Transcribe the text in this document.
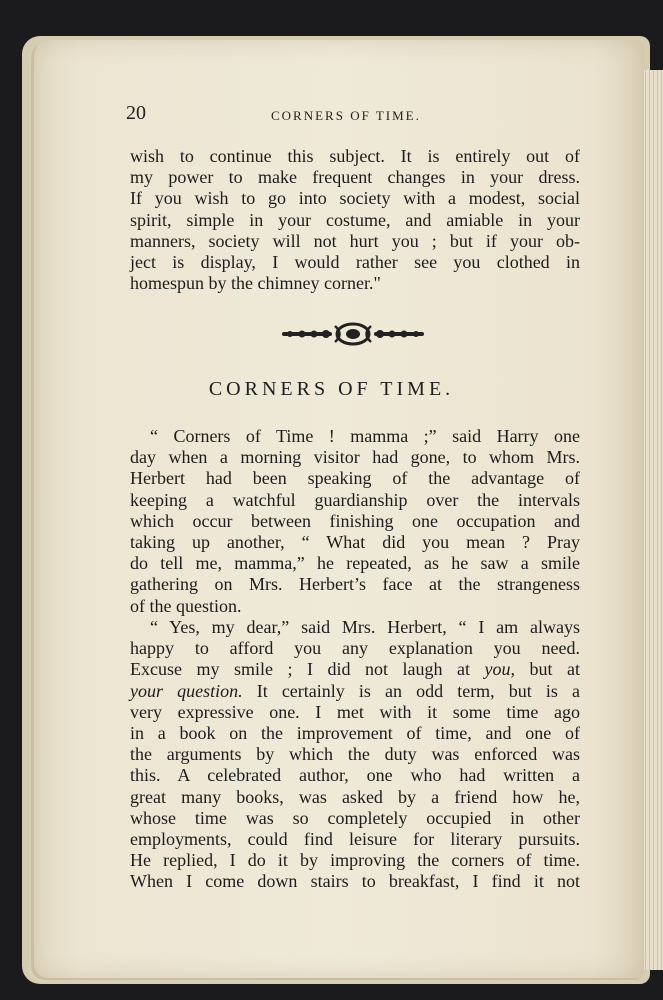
20	CORNERS OF TIME.
wish to continue this subject. It is entirely out of
my power to make frequent changes in your dress.
If you wish to go into society with a modest, social
spirit, simple in your costume, and amiable in your
manners, society will not hurt you ; but if your ob-
ject is display, I would rather see you clothed in
homespun by the chimney corner."
CORNERS OF TIME.
“ Corners of Time ! mamma ;” said Harry one
day when a morning visitor had gone, to whom Mrs.
Herbert had been speaking of the advantage of
keeping a watchful guardianship over the intervals
which occur between finishing one occupation and
taking up another, “ What did you mean ? Pray
do tell me, mamma,” he repeated, as he saw a smile
gathering on Mrs. Herbert’s face at the strangeness
of the question.
“ Yes, my dear,” said Mrs. Herbert, “ I am always
happy to afford you any explanation you need.
Excuse my smile ; I did not laugh at you, but at
your question. It certainly is an odd term, but is a
very expressive one. I met with it some time ago
in a book on the improvement of time, and one of
the arguments by which the duty was enforced was
this. A celebrated author, one who had written a
great many books, was asked by a friend how he,
whose time was so completely occupied in other
employments, could find leisure for literary pursuits.
He replied, I do it by improving the corners of time.
When I come down stairs to breakfast, I find it not
